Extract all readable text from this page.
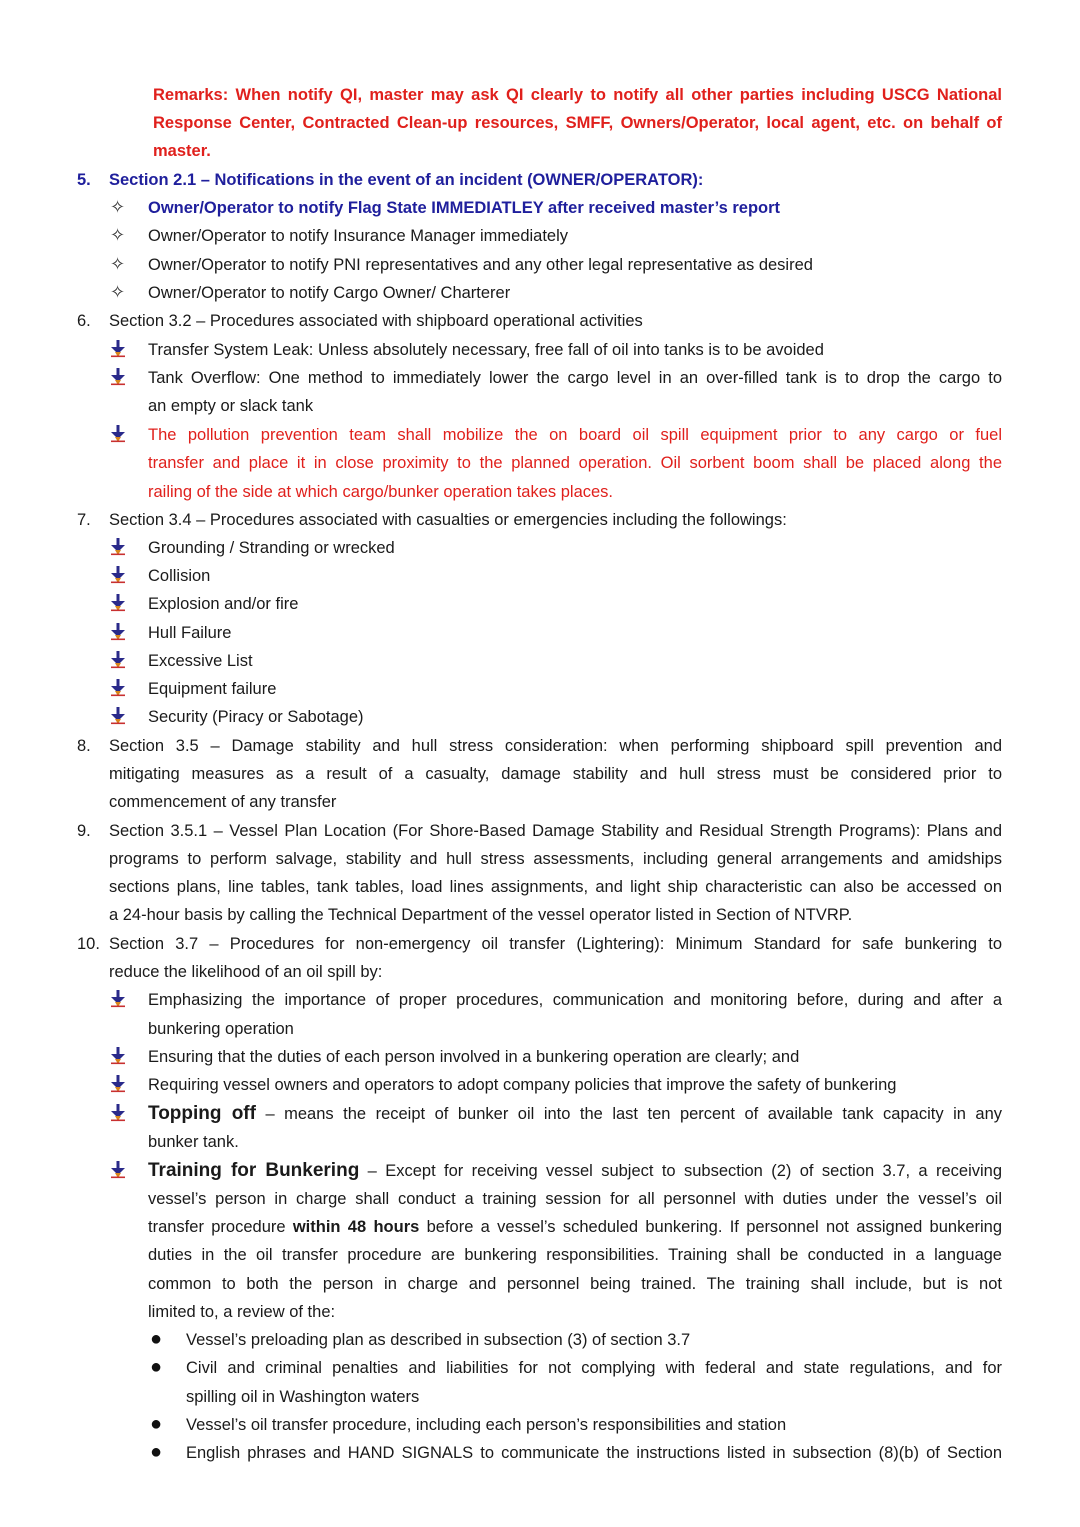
Remarks: When notify QI, master may ask QI clearly to notify all other parties including USCG National
Response Center, Contracted Clean-up resources, SMFF, Owners/Operator, local agent, etc. on behalf of
master.
5. Section 2.1 – Notifications in the event of an incident (OWNER/OPERATOR):
✧ Owner/Operator to notify Flag State IMMEDIATLEY after received master’s report
✧ Owner/Operator to notify Insurance Manager immediately
✧ Owner/Operator to notify PNI representatives and any other legal representative as desired
✧ Owner/Operator to notify Cargo Owner/ Charterer
6. Section 3.2 – Procedures associated with shipboard operational activities
Transfer System Leak: Unless absolutely necessary, free fall of oil into tanks is to be avoided
Tank Overflow: One method to immediately lower the cargo level in an over-filled tank is to drop the cargo to
an empty or slack tank
The pollution prevention team shall mobilize the on board oil spill equipment prior to any cargo or fuel
transfer and place it in close proximity to the planned operation. Oil sorbent boom shall be placed along the
railing of the side at which cargo/bunker operation takes places.
7. Section 3.4 – Procedures associated with casualties or emergencies including the followings:
Grounding / Stranding or wrecked
Collision
Explosion and/or fire
Hull Failure
Excessive List
Equipment failure
Security (Piracy or Sabotage)
8. Section 3.5 – Damage stability and hull stress consideration: when performing shipboard spill prevention and
mitigating measures as a result of a casualty, damage stability and hull stress must be considered prior to
commencement of any transfer
9. Section 3.5.1 – Vessel Plan Location (For Shore-Based Damage Stability and Residual Strength Programs): Plans and
programs to perform salvage, stability and hull stress assessments, including general arrangements and amidships
sections plans, line tables, tank tables, load lines assignments, and light ship characteristic can also be accessed on
a 24-hour basis by calling the Technical Department of the vessel operator listed in Section of NTVRP.
10. Section 3.7 – Procedures for non-emergency oil transfer (Lightering): Minimum Standard for safe bunkering to
reduce the likelihood of an oil spill by:
Emphasizing the importance of proper procedures, communication and monitoring before, during and after a
bunkering operation
Ensuring that the duties of each person involved in a bunkering operation are clearly; and
Requiring vessel owners and operators to adopt company policies that improve the safety of bunkering
Topping off – means the receipt of bunker oil into the last ten percent of available tank capacity in any
bunker tank.
Training for Bunkering – Except for receiving vessel subject to subsection (2) of section 3.7, a receiving
vessel’s person in charge shall conduct a training session for all personnel with duties under the vessel’s oil
transfer procedure within 48 hours before a vessel’s scheduled bunkering. If personnel not assigned bunkering
duties in the oil transfer procedure are bunkering responsibilities. Training shall be conducted in a language
common to both the person in charge and personnel being trained. The training shall include, but is not
limited to, a review of the:
● Vessel’s preloading plan as described in subsection (3) of section 3.7
● Civil and criminal penalties and liabilities for not complying with federal and state regulations, and for
spilling oil in Washington waters
● Vessel’s oil transfer procedure, including each person’s responsibilities and station
● English phrases and HAND SIGNALS to communicate the instructions listed in subsection (8)(b) of Section
